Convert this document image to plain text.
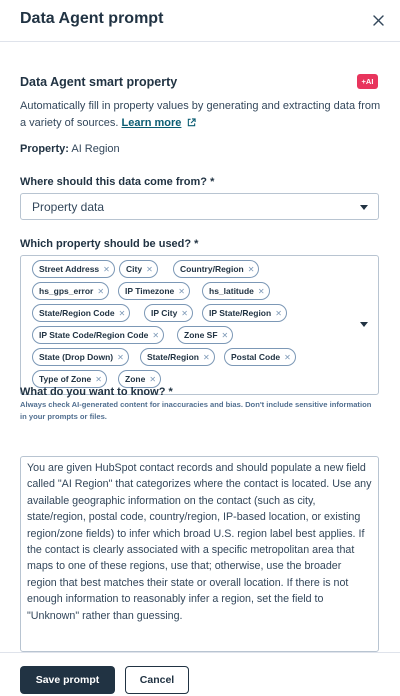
Data Agent prompt
Data Agent smart property	+AI
Automatically fill in property values by generating and extracting data from a variety of sources. Learn more
Property: AI Region
Where should this data come from? *
Property data
Which property should be used? *
Street Address ✕ City ✕	Country/Region ✕
hs_gps_error ✕ IP Timezone ✕	hs_latitude ✕
State/Region Code ✕	IP City ✕ IP State/Region ✕
IP State Code/Region Code ✕	Zone SF ✕
State (Drop Down) ✕	State/Region ✕	Postal Code ✕
Type of Zone ✕	Zone ✕
What do you want to know? *
Always check AI-generated content for inaccuracies and bias. Don't include sensitive information in your prompts or files.
You are given HubSpot contact records and should populate a new field called "AI Region" that categorizes where the contact is located. Use any available geographic information on the contact (such as city, state/region, postal code, country/region, IP-based location, or existing region/zone fields) to infer which broad U.S. region label best applies. If the contact is clearly associated with a specific metropolitan area that maps to one of these regions, use that; otherwise, use the broader region that best matches their state or overall location. If there is not enough information to reasonably infer a region, set the field to "Unknown" rather than guessing.
Save prompt	Cancel
